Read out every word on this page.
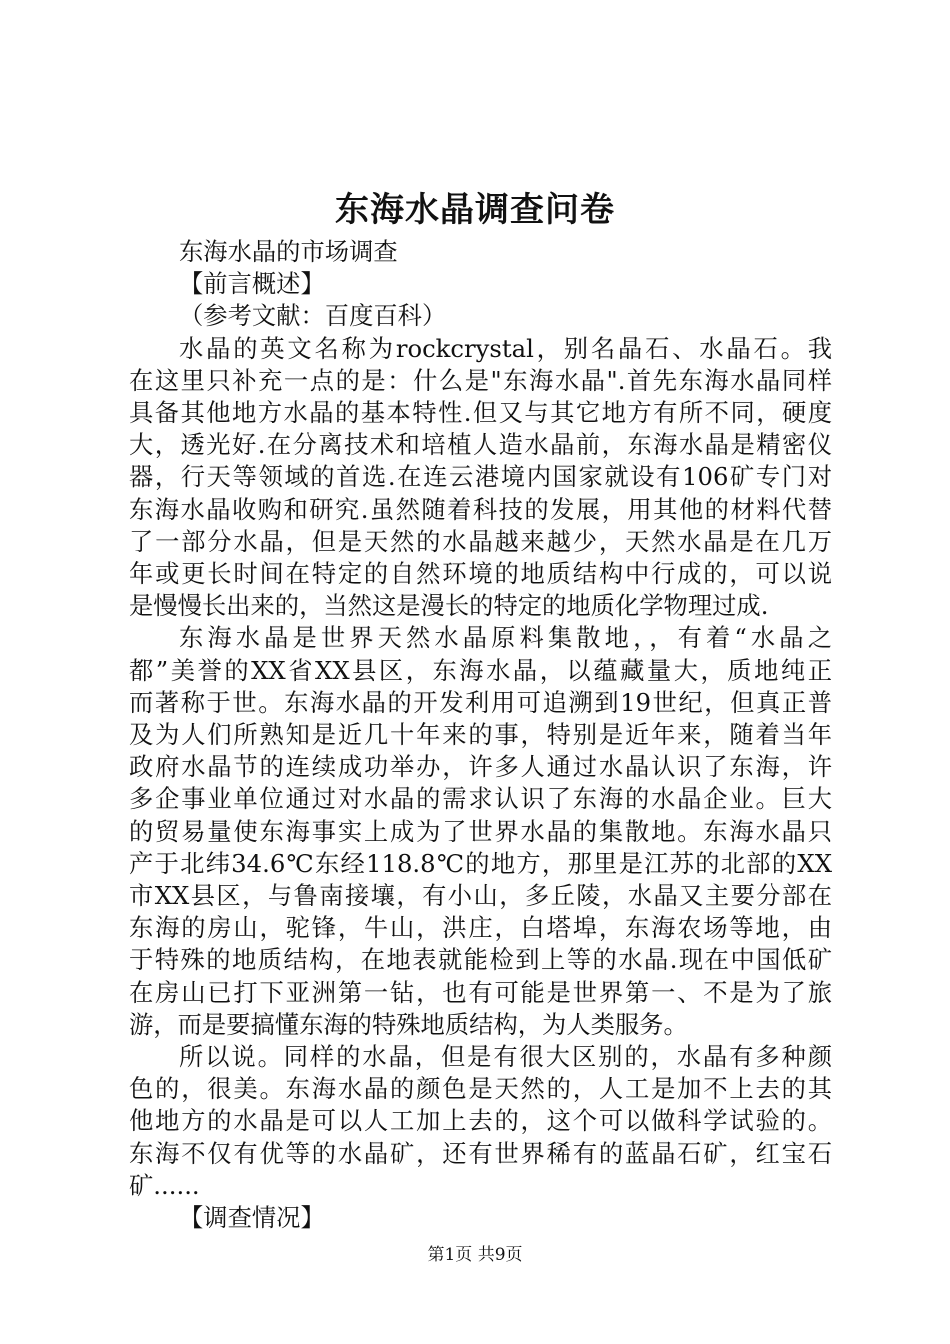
东海水晶调查问卷
东海水晶的市场调查
【前言概述】
（参考文献：百度百科）
水晶的英文名称为rockcrystal，别名晶石、水晶石。我
在这里只补充一点的是：什么是"东海水晶".首先东海水晶同样
具备其他地方水晶的基本特性.但又与其它地方有所不同，硬度
大，透光好.在分离技术和培植人造水晶前，东海水晶是精密仪
器，行天等领域的首选.在连云港境内国家就设有106矿专门对
东海水晶收购和研究.虽然随着科技的发展，用其他的材料代替
了一部分水晶，但是天然的水晶越来越少，天然水晶是在几万
年或更长时间在特定的自然环境的地质结构中行成的，可以说
是慢慢长出来的，当然这是漫长的特定的地质化学物理过成.
东海水晶是世界天然水晶原料集散地，，有着“水晶之
都”美誉的XX省XX县区，东海水晶，以蕴藏量大，质地纯正
而著称于世。东海水晶的开发利用可追溯到19世纪，但真正普
及为人们所熟知是近几十年来的事，特别是近年来，随着当年
政府水晶节的连续成功举办，许多人通过水晶认识了东海，许
多企事业单位通过对水晶的需求认识了东海的水晶企业。巨大
的贸易量使东海事实上成为了世界水晶的集散地。东海水晶只
产于北纬34.6℃东经118.8℃的地方，那里是江苏的北部的XX
市XX县区，与鲁南接壤，有小山，多丘陵，水晶又主要分部在
东海的房山，驼锋，牛山，洪庄，白塔埠，东海农场等地，由
于特殊的地质结构，在地表就能检到上等的水晶.现在中国低矿
在房山已打下亚洲第一钻，也有可能是世界第一、不是为了旅
游，而是要搞懂东海的特殊地质结构，为人类服务。
所以说。同样的水晶，但是有很大区别的，水晶有多种颜
色的，很美。东海水晶的颜色是天然的，人工是加不上去的其
他地方的水晶是可以人工加上去的，这个可以做科学试验的。
东海不仅有优等的水晶矿，还有世界稀有的蓝晶石矿，红宝石
矿......
【调查情况】
第1页 共9页
